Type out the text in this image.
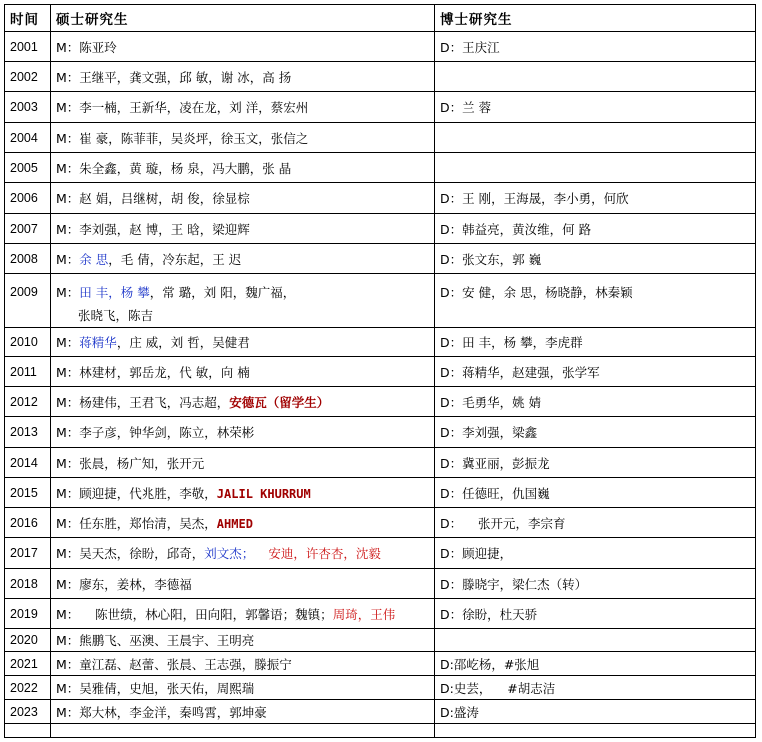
时间	硕士研究生	博士研究生
2001	M：陈亚玲	D：王庆江
2002	M：王继平，龚文强，邱 敏，谢 冰，高 扬	
2003	M：李一楠，王新华，凌在龙，刘 洋，蔡宏州	D：兰 蓉
2004	M：崔 豪，陈菲菲，吴炎坪，徐玉文，张信之	
2005	M：朱全鑫，黄 璇，杨 泉，冯大鹏，张 晶	
2006	M：赵 娟，吕继树，胡 俊，徐显棕	D：王 刚，王海晟，李小勇，何欣
2007	M：李刘强，赵 博，王 晗，梁迎辉	D：韩益亮，黄汝维，何 路
2008	M：余 思，毛 倩，冷东起，王 迟	D：张文东，郭 巍
2009	M：田 丰，杨 攀，常 璐，刘 阳，魏广福，
张晓飞，陈吉	D：安 健，余 思，杨晓静，林秦颖
2010	M：蒋精华，庄 威，刘 哲，吴健君	D：田 丰，杨 攀，李虎群
2011	M：林建材，郭岳龙，代 敏，向 楠	D：蒋精华，赵建强，张学军
2012	M：杨建伟，王君飞，冯志超，安德瓦（留学生）	D：毛勇华，姚 婧
2013	M：李子彦，钟华剑，陈立，林荣彬	D：李刘强，梁鑫
2014	M：张晨，杨广知，张开元	D：冀亚丽，彭振龙
2015	M：顾迎捷，代兆胜，李敬，JALIL KHURRUM	D：任德旺，仇国巍
2016	M：任东胜，郑怡清，吴杰，AHMED	D：    张开元，李宗育
2017	M：吴天杰，徐盼，邱奇，刘文杰； 安迪，许杏杏，沈毅	D：顾迎捷，
2018	M：廖东，姜林，李德福	D：滕晓宇，梁仁杰（转）
2019	M：    陈世绩，林心阳，田向阳，郭馨语；魏镇；周琦，王伟	D：徐盼，杜天骄
2020	M：熊鹏飞、巫澳、王晨宇、王明亮	
2021	M：童江磊、赵蕾、张晨、王志强，滕振宁	D:邵屹杨，#张旭
2022	M：吴雅倩，史旭，张天佑，周熙瑞	D:史芸，    #胡志洁
2023	M：郑大林，李金洋，秦鸣霄，郭坤豪	D:盛涛
